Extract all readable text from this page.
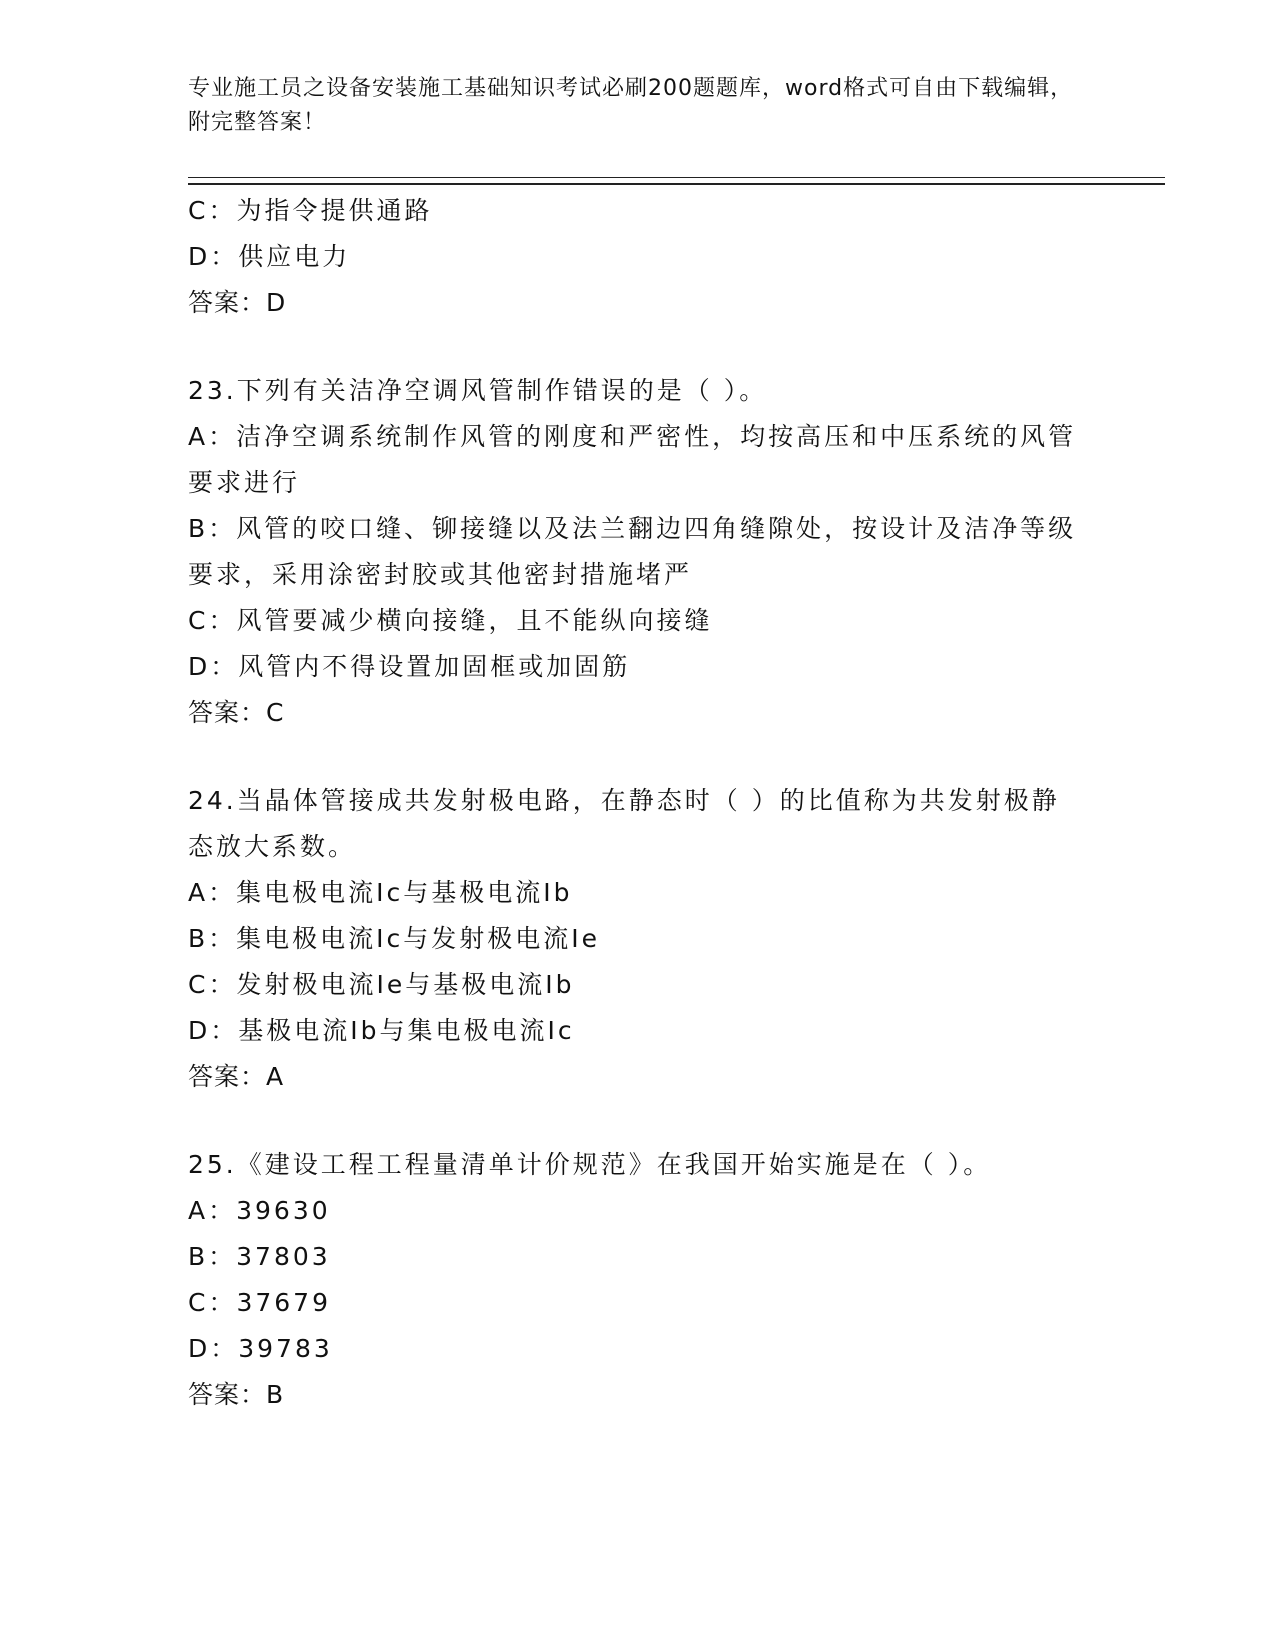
专业施工员之设备安装施工基础知识考试必刷200题题库，word格式可自由下载编辑，附完整答案！

C：为指令提供通路

D：供应电力

答案：D

23.下列有关洁净空调风管制作错误的是（ ）。

A：洁净空调系统制作风管的刚度和严密性，均按高压和中压系统的风管要求进行

B：风管的咬口缝、铆接缝以及法兰翻边四角缝隙处，按设计及洁净等级要求，采用涂密封胶或其他密封措施堵严

C：风管要减少横向接缝，且不能纵向接缝

D：风管内不得设置加固框或加固筋

答案：C

24.当晶体管接成共发射极电路，在静态时（ ）的比值称为共发射极静态放大系数。

A：集电极电流Ic与基极电流Ib

B：集电极电流Ic与发射极电流Ie

C：发射极电流Ie与基极电流Ib

D：基极电流Ib与集电极电流Ic

答案：A

25.《建设工程工程量清单计价规范》在我国开始实施是在（ ）。

A：39630

B：37803

C：37679

D：39783

答案：B
